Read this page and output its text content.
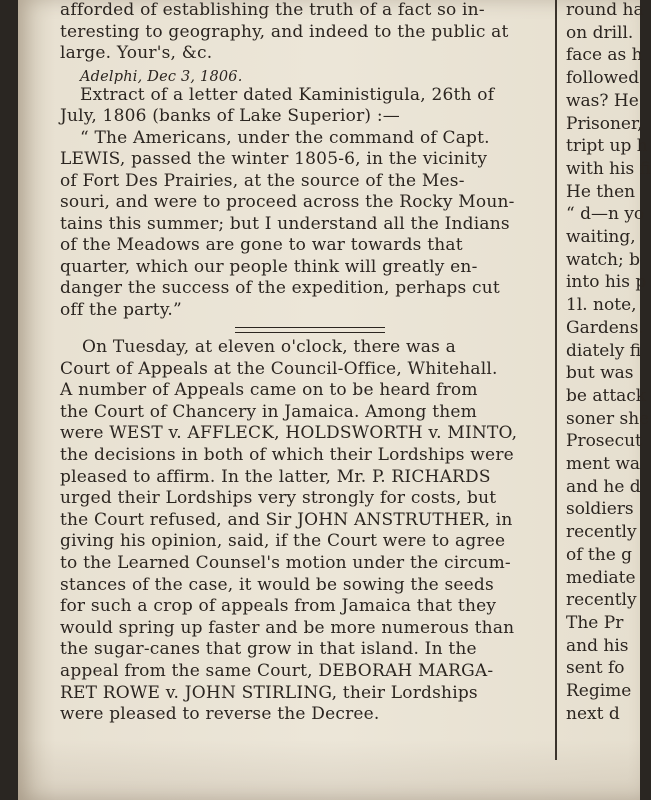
afforded of establishing the truth of a fact so in-
teresting to geography, and indeed to the public at
large. Your's, &c.
Adelphi, Dec 3, 1806.
Extract of a letter dated Kaministigula, 26th of
July, 1806 (banks of Lake Superior) :—
“ The Americans, under the command of Capt.
LEWIS, passed the winter 1805-6, in the vicinity
of Fort Des Prairies, at the source of the Mes-
souri, and were to proceed across the Rocky Moun-
tains this summer; but I understand all the Indians
of the Meadows are gone to war towards that
quarter, which our people think will greatly en-
danger the success of the expedition, perhaps cut
off the party.”
On Tuesday, at eleven o'clock, there was a
Court of Appeals at the Council-Office, Whitehall.
A number of Appeals came on to be heard from
the Court of Chancery in Jamaica. Among them
were WEST v. AFFLECK, HOLDSWORTH v. MINTO,
the decisions in both of which their Lordships were
pleased to affirm. In the latter, Mr. P. RICHARDS
urged their Lordships very strongly for costs, but
the Court refused, and Sir JOHN ANSTRUTHER, in
giving his opinion, said, if the Court were to agree
to the Learned Counsel's motion under the circum-
stances of the case, it would be sowing the seeds
for such a crop of appeals from Jamaica that they
would spring up faster and be more numerous than
the sugar-canes that grow in that island. In the
appeal from the same Court, DEBORAH MARGA-
RET ROWE v. JOHN STIRLING, their Lordships
were pleased to reverse the Decree.
round ha
on drill.
face as h
followed
was? He
Prisoner,
tript up h
with his fi
He then
“ d—n yo
waiting,
watch; b
into his p
1l. note,
Gardens.
diately fi
but was
be attack
soner she
Prosecut
ment wa
and he d
soldiers
recently
of the g
mediate
recently
The Pr
and his
sent fo
Regime
next d
